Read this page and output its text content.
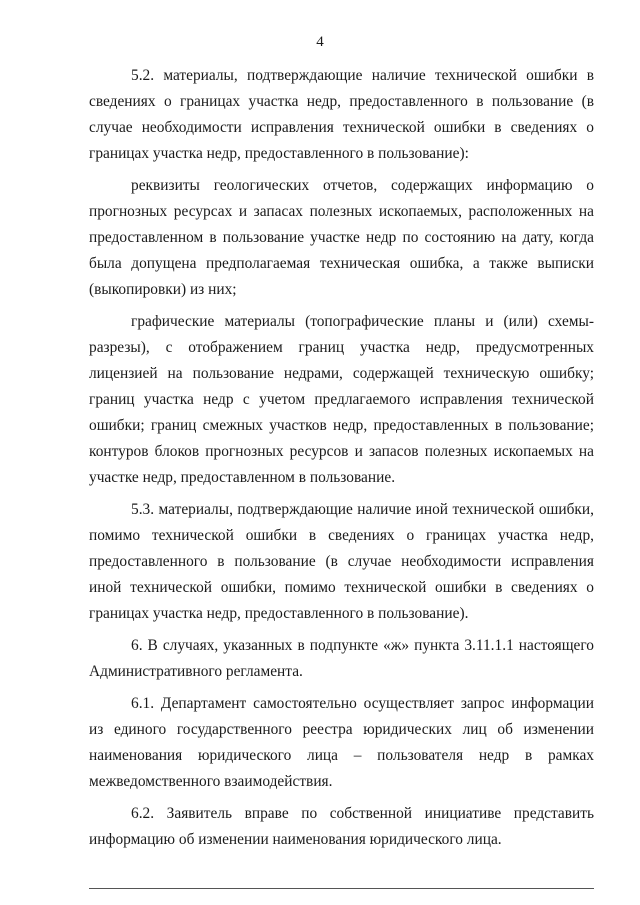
4

5.2. материалы, подтверждающие наличие технической ошибки в сведениях о границах участка недр, предоставленного в пользование (в случае необходимости исправления технической ошибки в сведениях о границах участка недр, предоставленного в пользование):

реквизиты геологических отчетов, содержащих информацию о прогнозных ресурсах и запасах полезных ископаемых, расположенных на предоставленном в пользование участке недр по состоянию на дату, когда была допущена предполагаемая техническая ошибка, а также выписки (выкопировки) из них;

графические материалы (топографические планы и (или) схемы-разрезы), с отображением границ участка недр, предусмотренных лицензией на пользование недрами, содержащей техническую ошибку; границ участка недр с учетом предлагаемого исправления технической ошибки; границ смежных участков недр, предоставленных в пользование; контуров блоков прогнозных ресурсов и запасов полезных ископаемых на участке недр, предоставленном в пользование.

5.3. материалы, подтверждающие наличие иной технической ошибки, помимо технической ошибки в сведениях о границах участка недр, предоставленного в пользование (в случае необходимости исправления иной технической ошибки, помимо технической ошибки в сведениях о границах участка недр, предоставленного в пользование).

6. В случаях, указанных в подпункте «ж» пункта 3.11.1.1 настоящего Административного регламента.

6.1. Департамент самостоятельно осуществляет запрос информации из единого государственного реестра юридических лиц об изменении наименования юридического лица – пользователя недр в рамках межведомственного взаимодействия.

6.2. Заявитель вправе по собственной инициативе представить информацию об изменении наименования юридического лица.
